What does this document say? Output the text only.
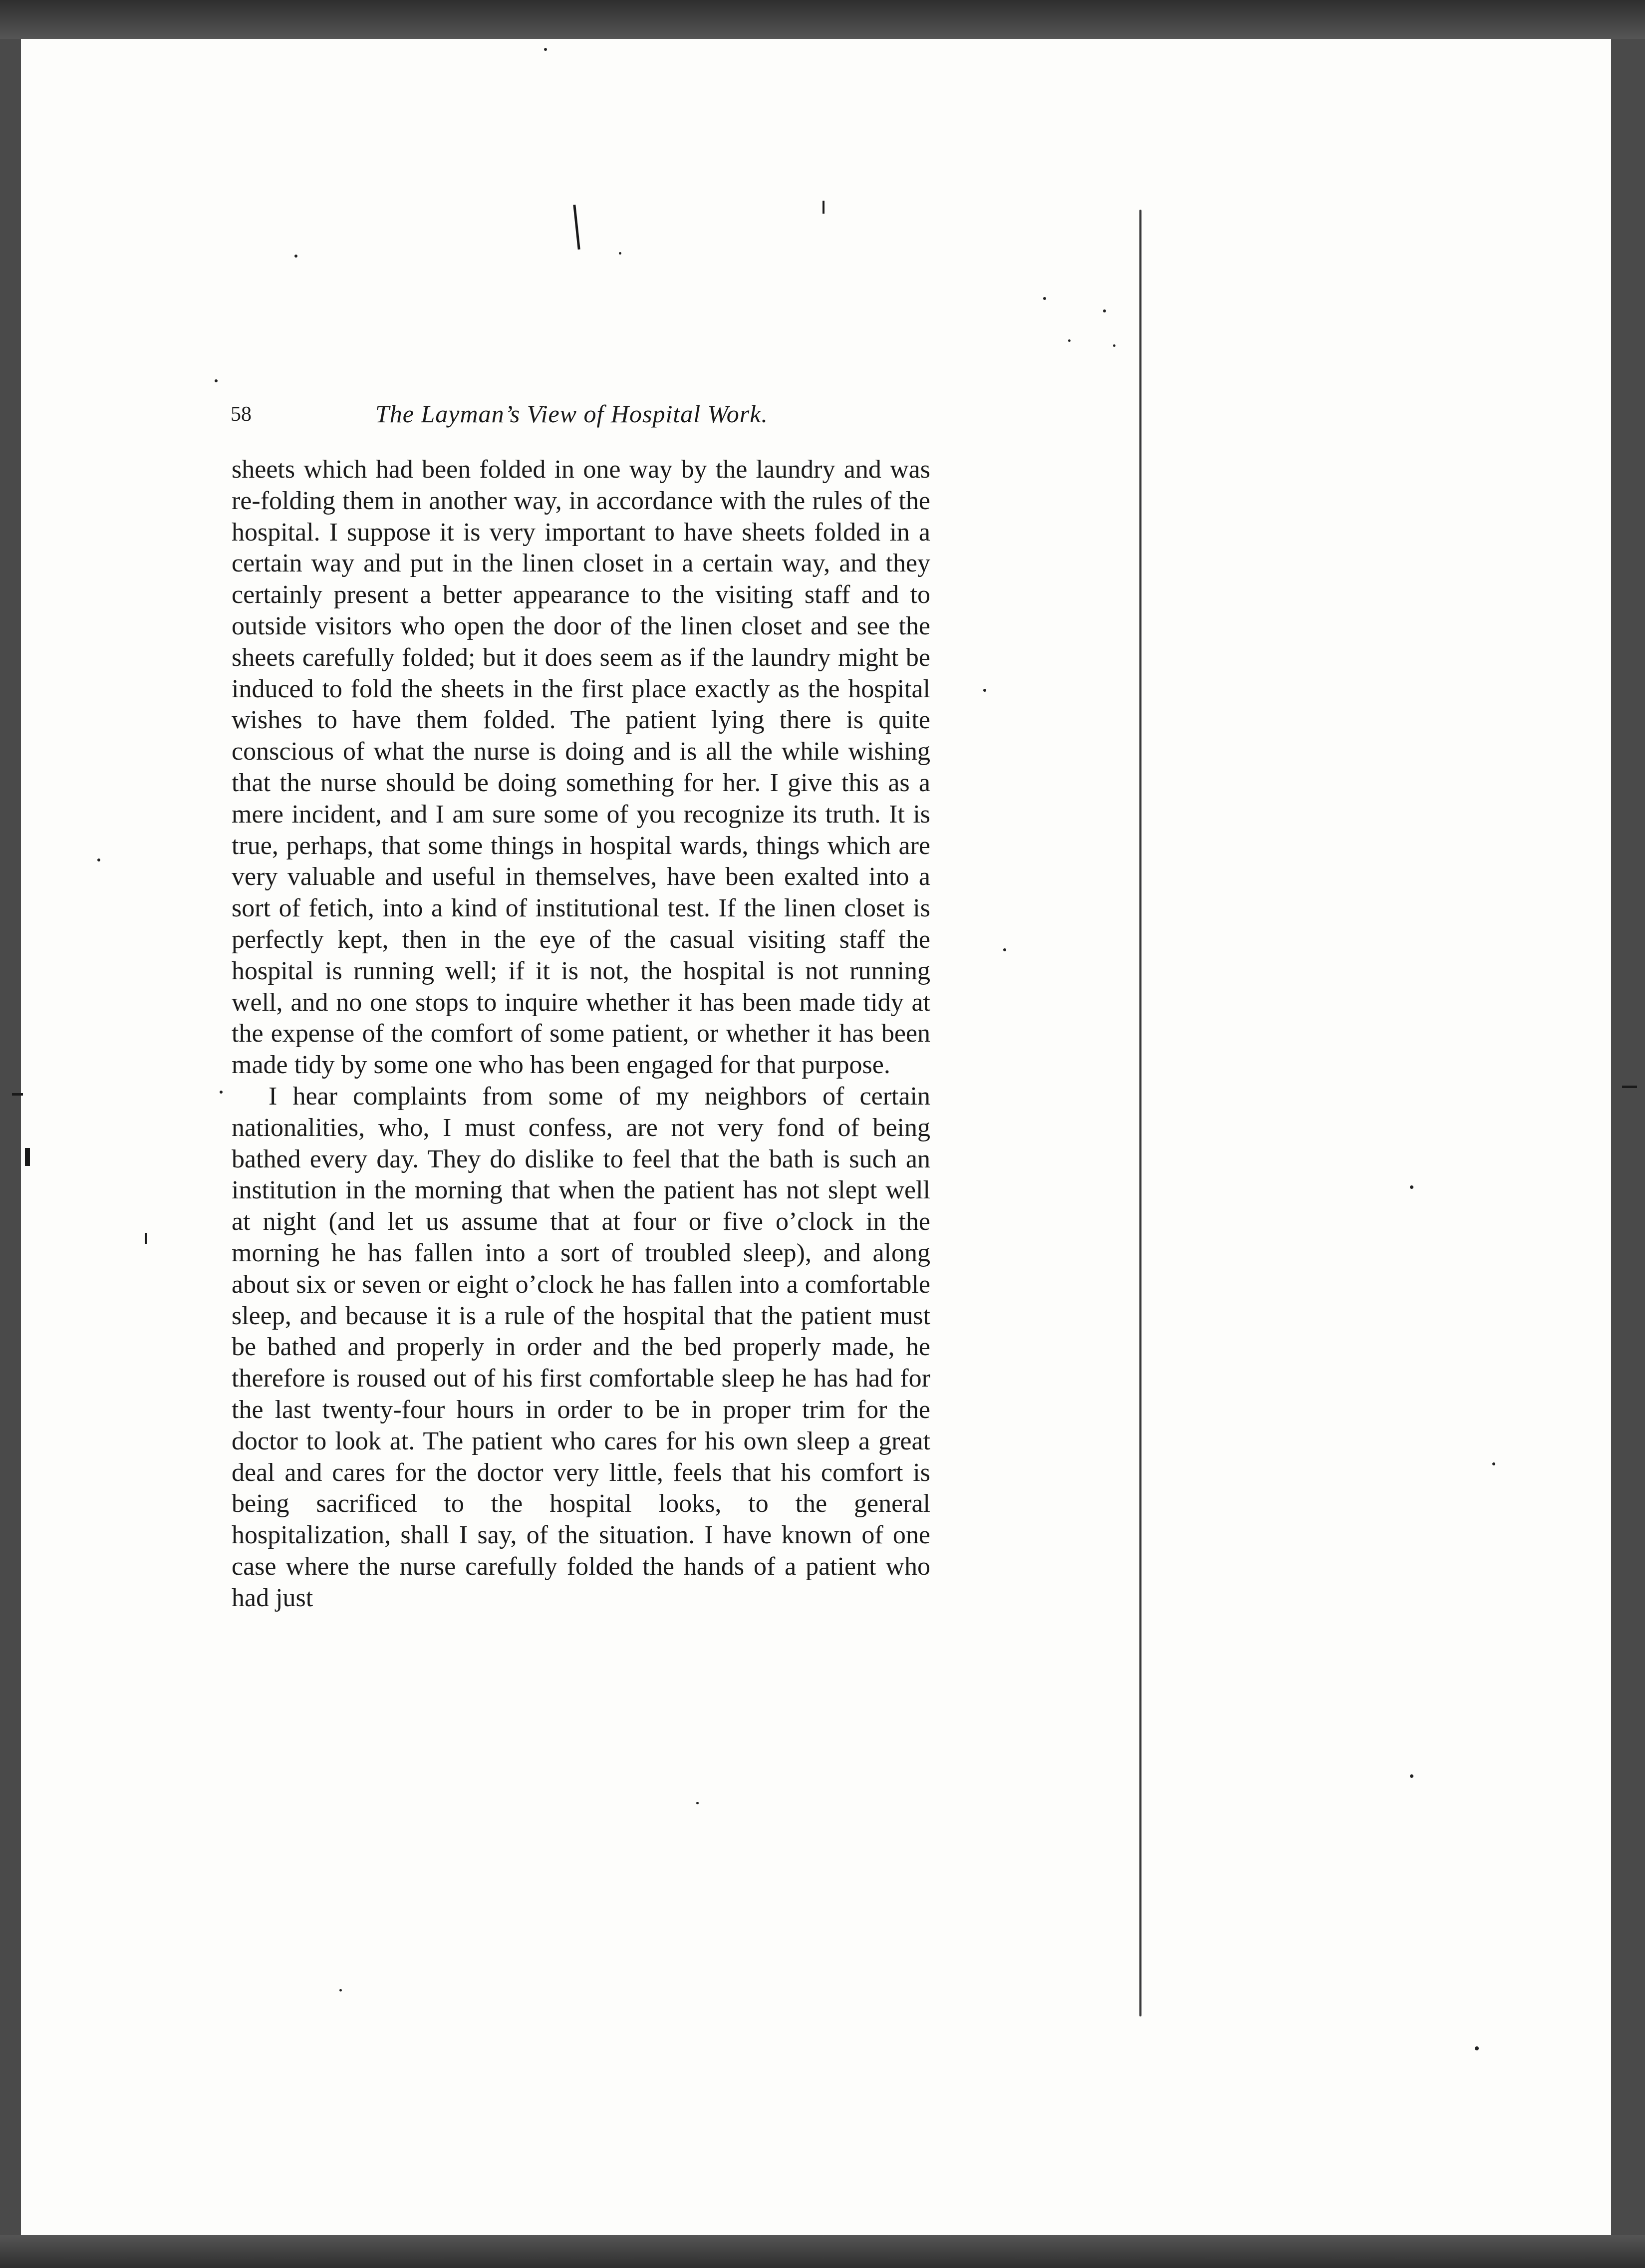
58	The Layman’s View of Hospital Work.

sheets which had been folded in one way by the laundry and was re-folding them in another way, in accordance with the rules of the hospital. I suppose it is very important to have sheets folded in a certain way and put in the linen closet in a certain way, and they certainly present a better appearance to the visiting staff and to outside visitors who open the door of the linen closet and see the sheets carefully folded; but it does seem as if the laundry might be induced to fold the sheets in the first place exactly as the hospital wishes to have them folded. The patient lying there is quite conscious of what the nurse is doing and is all the while wishing that the nurse should be doing something for her. I give this as a mere incident, and I am sure some of you recognize its truth. It is true, perhaps, that some things in hospital wards, things which are very valuable and useful in themselves, have been exalted into a sort of fetich, into a kind of institutional test. If the linen closet is perfectly kept, then in the eye of the casual visiting staff the hospital is running well; if it is not, the hospital is not running well, and no one stops to inquire whether it has been made tidy at the expense of the comfort of some patient, or whether it has been made tidy by some one who has been engaged for that purpose.

I hear complaints from some of my neighbors of certain nationalities, who, I must confess, are not very fond of being bathed every day. They do dislike to feel that the bath is such an institution in the morning that when the patient has not slept well at night (and let us assume that at four or five o’clock in the morning he has fallen into a sort of troubled sleep), and along about six or seven or eight o’clock he has fallen into a comfortable sleep, and because it is a rule of the hospital that the patient must be bathed and properly in order and the bed properly made, he therefore is roused out of his first comfortable sleep he has had for the last twenty-four hours in order to be in proper trim for the doctor to look at. The patient who cares for his own sleep a great deal and cares for the doctor very little, feels that his comfort is being sacrificed to the hospital looks, to the general hospitalization, shall I say, of the situation. I have known of one case where the nurse carefully folded the hands of a patient who had just
